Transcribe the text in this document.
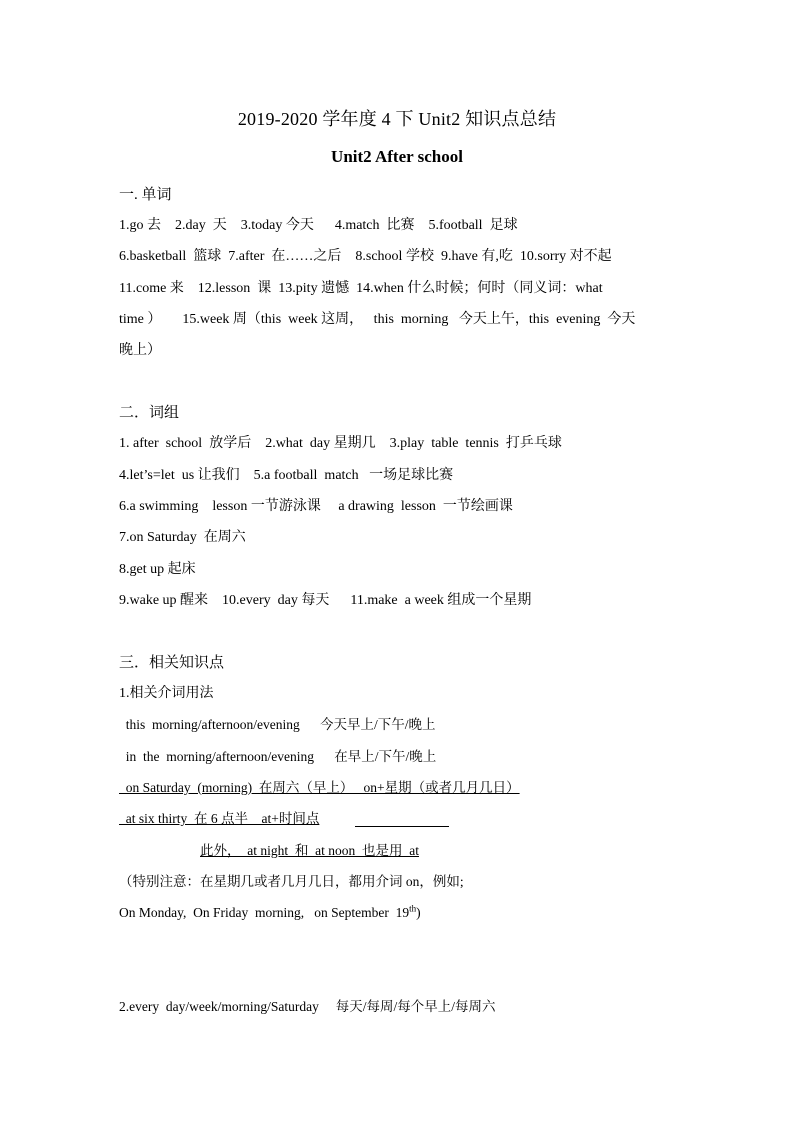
2019-2020 学年度 4 下 Unit2 知识点总结
Unit2 After school
一. 单词
1.go 去    2.day  天    3.today 今天      4.match  比赛    5.football  足球
6.basketball  篮球  7.after  在……之后    8.school 学校  9.have 有,吃  10.sorry 对不起
11.come 来    12.lesson  课  13.pity 遗憾  14.when 什么时候；何时（同义词：what
time ）      15.week 周（this  week 这周，   this  morning   今天上午，this  evening  今天
晚上）
二．词组
1. after  school  放学后    2.what  day 星期几    3.play  table  tennis  打乒乓球
4.let’s=let  us 让我们    5.a football  match   一场足球比赛
6.a swimming    lesson 一节游泳课     a drawing  lesson  一节绘画课
7.on Saturday  在周六
8.get up 起床
9.wake up 醒来    10.every  day 每天      11.make  a week 组成一个星期
三．相关知识点
1.相关介词用法
this  morning/afternoon/evening      今天早上/下午/晚上
in  the  morning/afternoon/evening      在早上/下午/晚上
on Saturday  (morning)  在周六（早上）   on+星期（或者几月几日）
at six thirty  在 6 点半    at+时间点
此外，  at night  和  at noon  也是用  at
（特别注意：在星期几或者几月几日，都用介词 on，例如;
On Monday,  On Friday  morning,   on September  19th)
2.every  day/week/morning/Saturday     每天/每周/每个早上/每周六
